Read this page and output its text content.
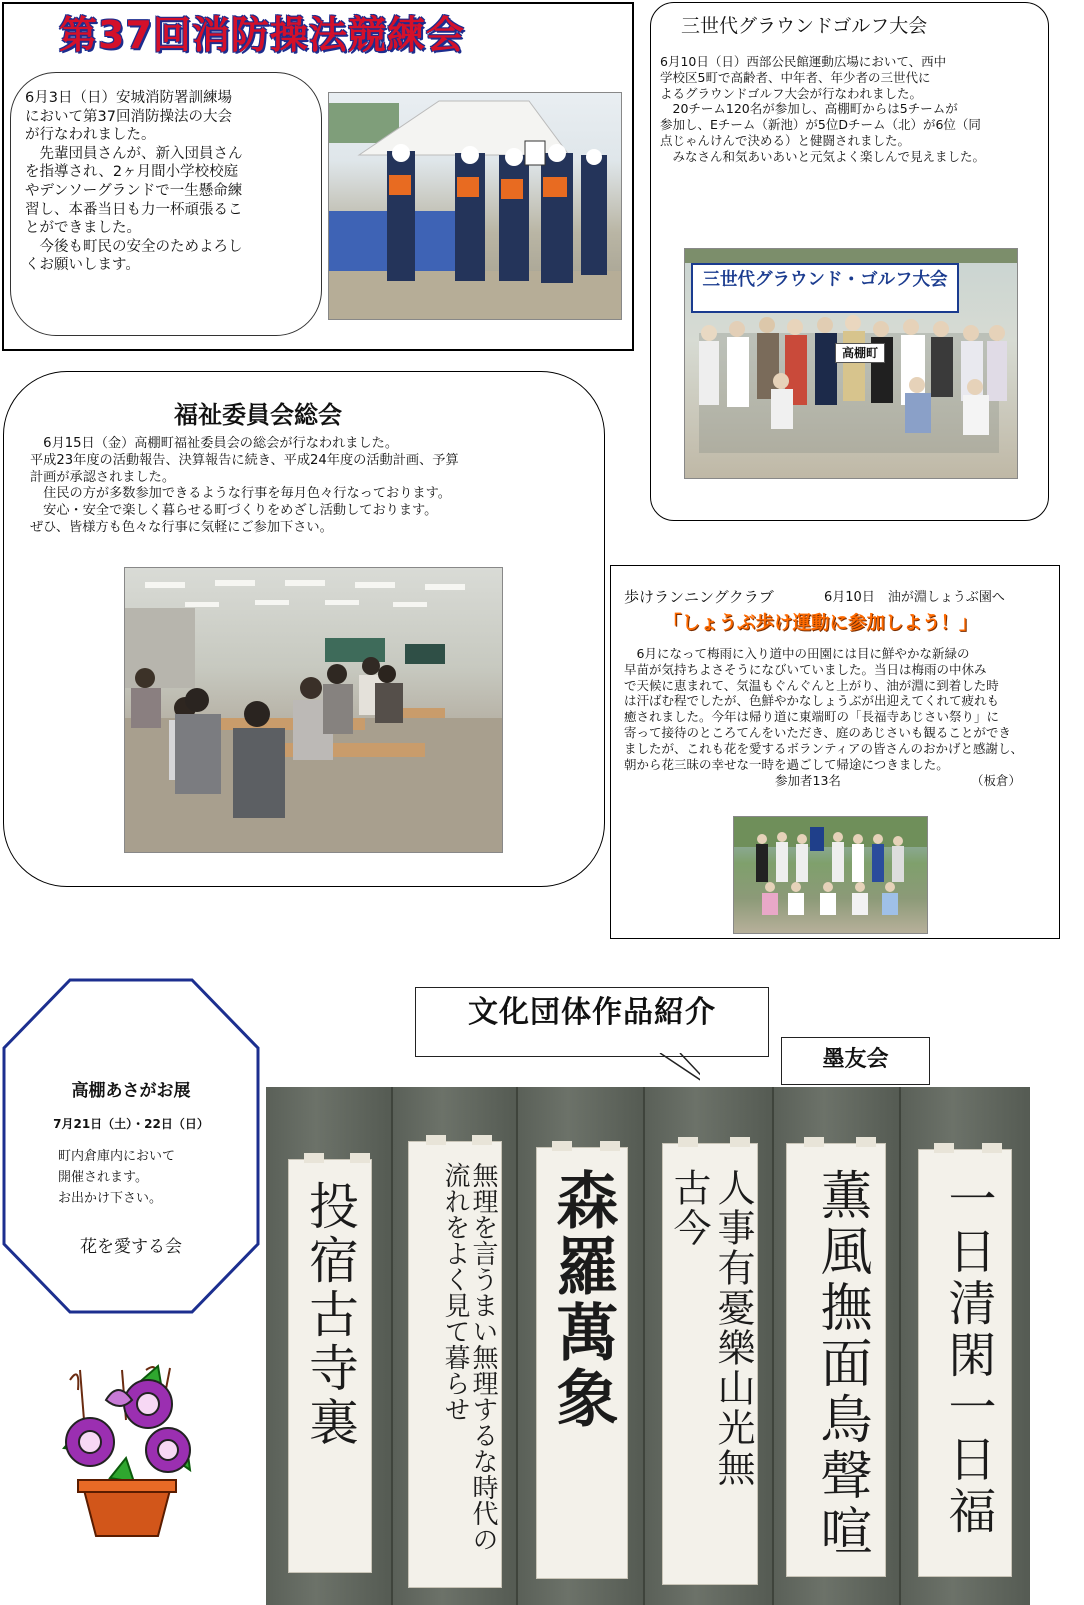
第37回消防操法競練会
6月3日（日）安城消防署訓練場
において第37回消防操法の大会
が行なわれました。
　先輩団員さんが、新入団員さん
を指導され、2ヶ月間小学校校庭
やデンソーグランドで一生懸命練
習し、本番当日も力一杯頑張るこ
とができました。
　今後も町民の安全のためよろし
くお願いします。
三世代グラウンドゴルフ大会
6月10日（日）西部公民館運動広場において、西中
学校区5町で高齢者、中年者、年少者の三世代に
よるグラウンドゴルフ大会が行なわれました。
　20チーム120名が参加し、高棚町からは5チームが
参加し、Eチーム（新池）が5位Dチーム（北）が6位（同
点じゃんけんで決める）と健闘されました。
　みなさん和気あいあいと元気よく楽しんで見えました。
三世代グラウンド・ゴルフ大会
高棚町
福祉委員会総会
　6月15日（金）高棚町福祉委員会の総会が行なわれました。
平成23年度の活動報告、決算報告に続き、平成24年度の活動計画、予算
計画が承認されました。
　住民の方が多数参加できるような行事を毎月色々行なっております。
　安心・安全で楽しく暮らせる町づくりをめざし活動しております。
ぜひ、皆様方も色々な行事に気軽にご参加下さい。
歩けランニングクラブ	6月10日　油が淵しょうぶ園へ
「しょうぶ歩け運動に参加しよう！」
　6月になって梅雨に入り道中の田園には目に鮮やかな新緑の
早苗が気持ちよさそうになびいていました。当日は梅雨の中休み
で天候に恵まれて、気温もぐんぐんと上がり、油が淵に到着した時
は汗ばむ程でしたが、色鮮やかなしょうぶが出迎えてくれて疲れも
癒されました。今年は帰り道に東端町の「長福寺あじさい祭り」に
寄って接待のところてんをいただき、庭のあじさいも観ることができ
ましたが、これも花を愛するボランティアの皆さんのおかげと感謝し、
朝から花三昧の幸せな一時を過ごして帰途につきました。
参加者13名	（板倉）
高棚あさがお展
7月21日（土）・22日（日）
町内倉庫内において
開催されます。
お出かけ下さい。
花を愛する会
文化団体作品紹介
墨友会
投宿古寺裏	無理を言うまい無理するな時代の流れをよく見て暮らせ	森羅萬象	人事有憂樂山光無古今	薫風撫面鳥聲喧 一日清閑一日福
